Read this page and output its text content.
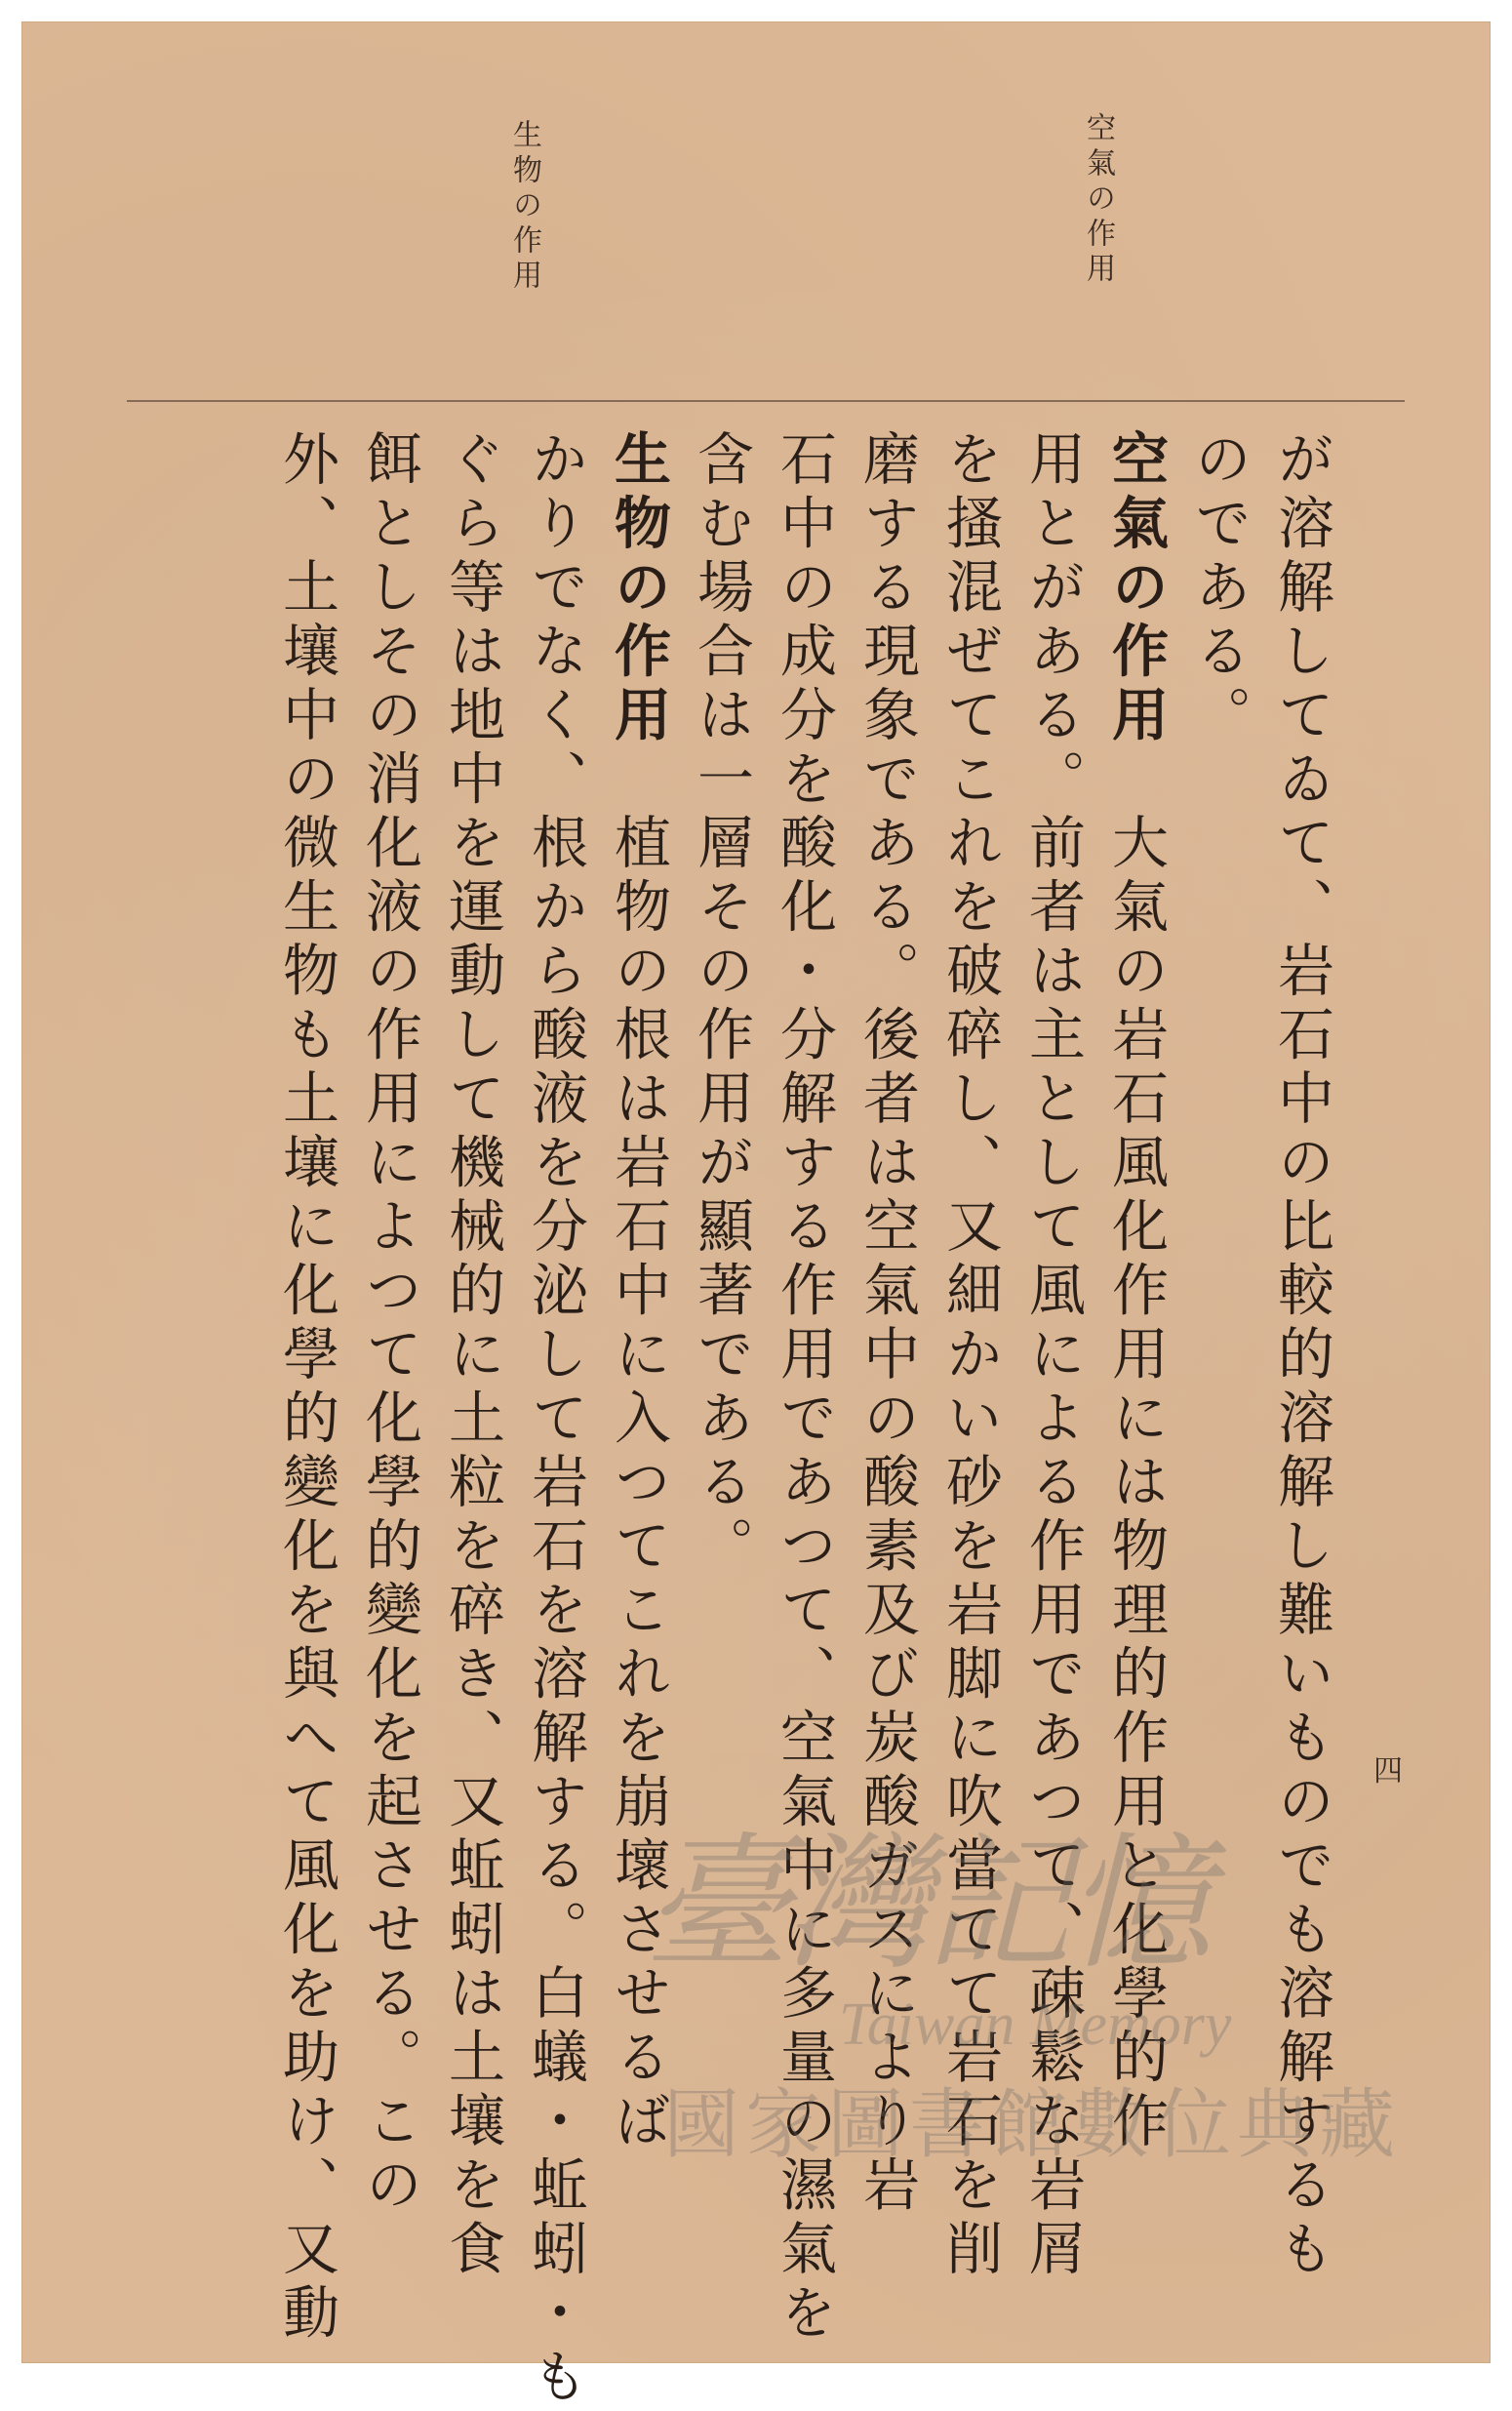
空氣の作用
生物の作用
四
が溶解してゐて、岩石中の比較的溶解し難いものでも溶解するも
のである。
空氣の作用　大氣の岩石風化作用には物理的作用と化學的作
用とがある。前者は主として風による作用であつて、疎鬆な岩屑
を搔混ぜてこれを破碎し、又細かい砂を岩脚に吹當てて岩石を削
磨する現象である。後者は空氣中の酸素及び炭酸ガスにより岩
石中の成分を酸化・分解する作用であつて、空氣中に多量の濕氣を
含む場合は一層その作用が顯著である。
生物の作用　植物の根は岩石中に入つてこれを崩壞させるば
かりでなく、根から酸液を分泌して岩石を溶解する。白蟻・蚯蚓・も
ぐら等は地中を運動して機械的に土粒を碎き、又蚯蚓は土壤を食
餌としその消化液の作用によつて化學的變化を起させる。この
外、土壤中の微生物も土壤に化學的變化を與へて風化を助け、又動 臺灣記憶
Taiwan Memory
國家圖書館數位典藏
